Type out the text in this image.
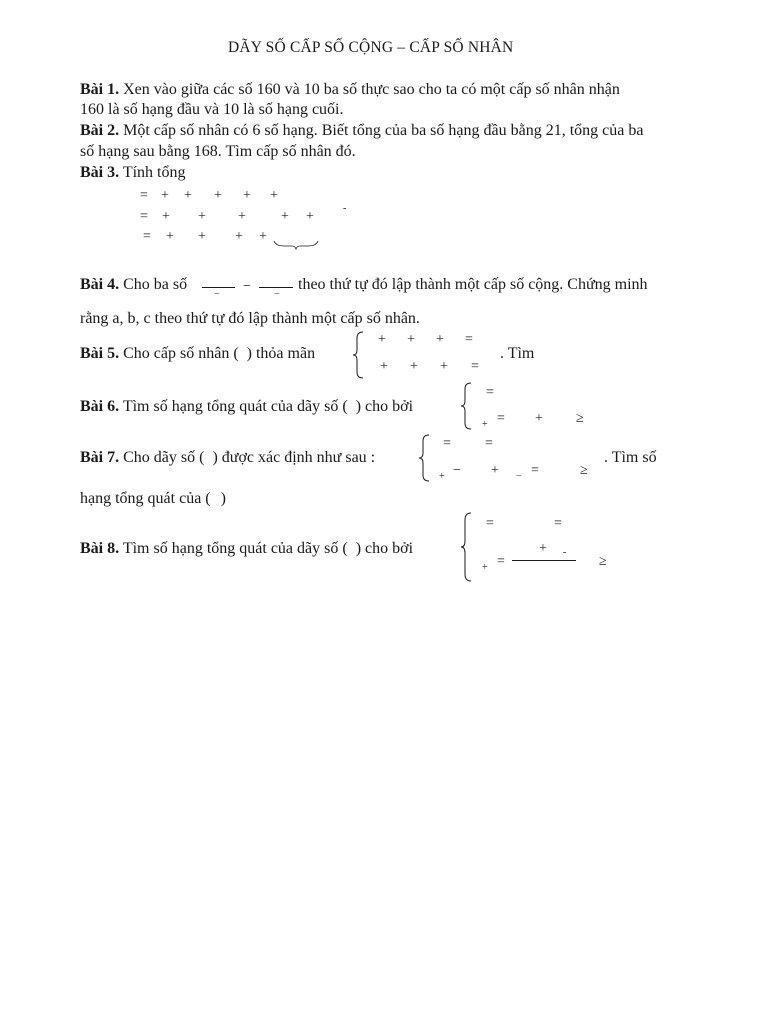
DÃY SỐ CẤP SỐ CỘNG – CẤP SỐ NHÂN
Bài 1. Xen vào giữa các số 160 và 10 ba số thực sao cho ta có một cấp số nhân nhận
160 là số hạng đầu và 10 là số hạng cuối.
Bài 2. Một cấp số nhân có 6 số hạng. Biết tổng của ba số hạng đầu bằng 21, tổng của ba
số hạng sau bằng 168. Tìm cấp số nhân đó.
Bài 3. Tính tổng
= + + + + +
= + + +	+ +
-
= + + + +
Bài 4. Cho ba số
−
−
−
theo thứ tự đó lập thành một cấp số cộng. Chứng minh
rằng a, b, c theo thứ tự đó lập thành một cấp số nhân.
Bài 5. Cho cấp số nhân ( ) thỏa mãn
+ + + =
+ + + =
. Tìm
Bài 6. Tìm số hạng tổng quát của dãy số ( ) cho bởi
=
+ = + ≥
Bài 7. Cho dãy số ( ) được xác định như sau :
= =
+ − + − =	≥
. Tìm số
hạng tổng quát của ( )
Bài 8. Tìm số hạng tổng quát của dãy số ( ) cho bởi
=	=
+ -
+ =	≥
